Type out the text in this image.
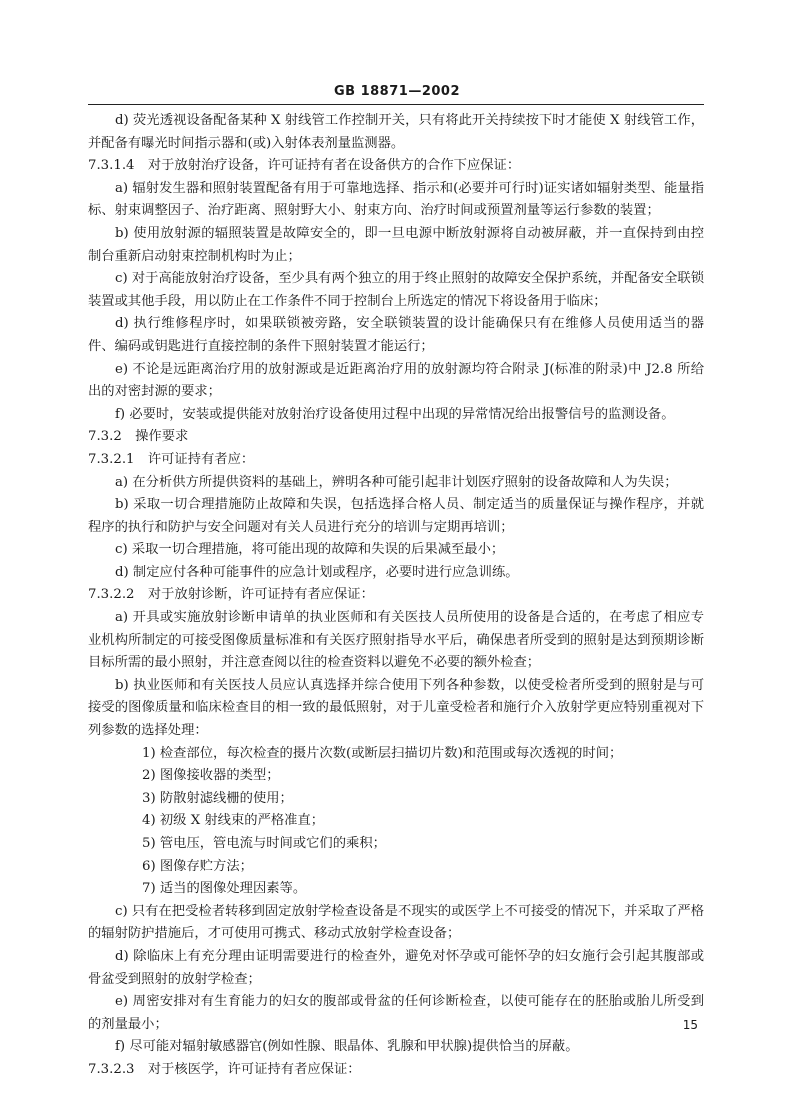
GB 18871—2002

d) 荧光透视设备配备某种 X 射线管工作控制开关，只有将此开关持续按下时才能使 X 射线管工作，并配备有曝光时间指示器和(或)入射体表剂量监测器。

7.3.1.4　对于放射治疗设备，许可证持有者在设备供方的合作下应保证：

a) 辐射发生器和照射装置配备有用于可靠地选择、指示和(必要并可行时)证实诸如辐射类型、能量指标、射束调整因子、治疗距离、照射野大小、射束方向、治疗时间或预置剂量等运行参数的装置；

b) 使用放射源的辐照装置是故障安全的，即一旦电源中断放射源将自动被屏蔽，并一直保持到由控制台重新启动射束控制机构时为止；

c) 对于高能放射治疗设备，至少具有两个独立的用于终止照射的故障安全保护系统，并配备安全联锁装置或其他手段，用以防止在工作条件不同于控制台上所选定的情况下将设备用于临床；

d) 执行维修程序时，如果联锁被旁路，安全联锁装置的设计能确保只有在维修人员使用适当的器件、编码或钥匙进行直接控制的条件下照射装置才能运行；

e) 不论是远距离治疗用的放射源或是近距离治疗用的放射源均符合附录 J(标准的附录)中 J2.8 所给出的对密封源的要求；

f) 必要时，安装或提供能对放射治疗设备使用过程中出现的异常情况给出报警信号的监测设备。

7.3.2　操作要求

7.3.2.1　许可证持有者应：

a) 在分析供方所提供资料的基础上，辨明各种可能引起非计划医疗照射的设备故障和人为失误；

b) 采取一切合理措施防止故障和失误，包括选择合格人员、制定适当的质量保证与操作程序，并就程序的执行和防护与安全问题对有关人员进行充分的培训与定期再培训；

c) 采取一切合理措施，将可能出现的故障和失误的后果减至最小；

d) 制定应付各种可能事件的应急计划或程序，必要时进行应急训练。

7.3.2.2　对于放射诊断，许可证持有者应保证：

a) 开具或实施放射诊断申请单的执业医师和有关医技人员所使用的设备是合适的，在考虑了相应专业机构所制定的可接受图像质量标准和有关医疗照射指导水平后，确保患者所受到的照射是达到预期诊断目标所需的最小照射，并注意查阅以往的检查资料以避免不必要的额外检查；

b) 执业医师和有关医技人员应认真选择并综合使用下列各种参数，以使受检者所受到的照射是与可接受的图像质量和临床检查目的相一致的最低照射，对于儿童受检者和施行介入放射学更应特别重视对下列参数的选择处理：

1) 检查部位，每次检查的摄片次数(或断层扫描切片数)和范围或每次透视的时间；

2) 图像接收器的类型；

3) 防散射滤线栅的使用；

4) 初级 X 射线束的严格准直；

5) 管电压，管电流与时间或它们的乘积；

6) 图像存贮方法；

7) 适当的图像处理因素等。

c) 只有在把受检者转移到固定放射学检查设备是不现实的或医学上不可接受的情况下，并采取了严格的辐射防护措施后，才可使用可携式、移动式放射学检查设备；

d) 除临床上有充分理由证明需要进行的检查外，避免对怀孕或可能怀孕的妇女施行会引起其腹部或骨盆受到照射的放射学检查；

e) 周密安排对有生育能力的妇女的腹部或骨盆的任何诊断检查，以使可能存在的胚胎或胎儿所受到的剂量最小；

f) 尽可能对辐射敏感器官(例如性腺、眼晶体、乳腺和甲状腺)提供恰当的屏蔽。

7.3.2.3　对于核医学，许可证持有者应保证：

15
